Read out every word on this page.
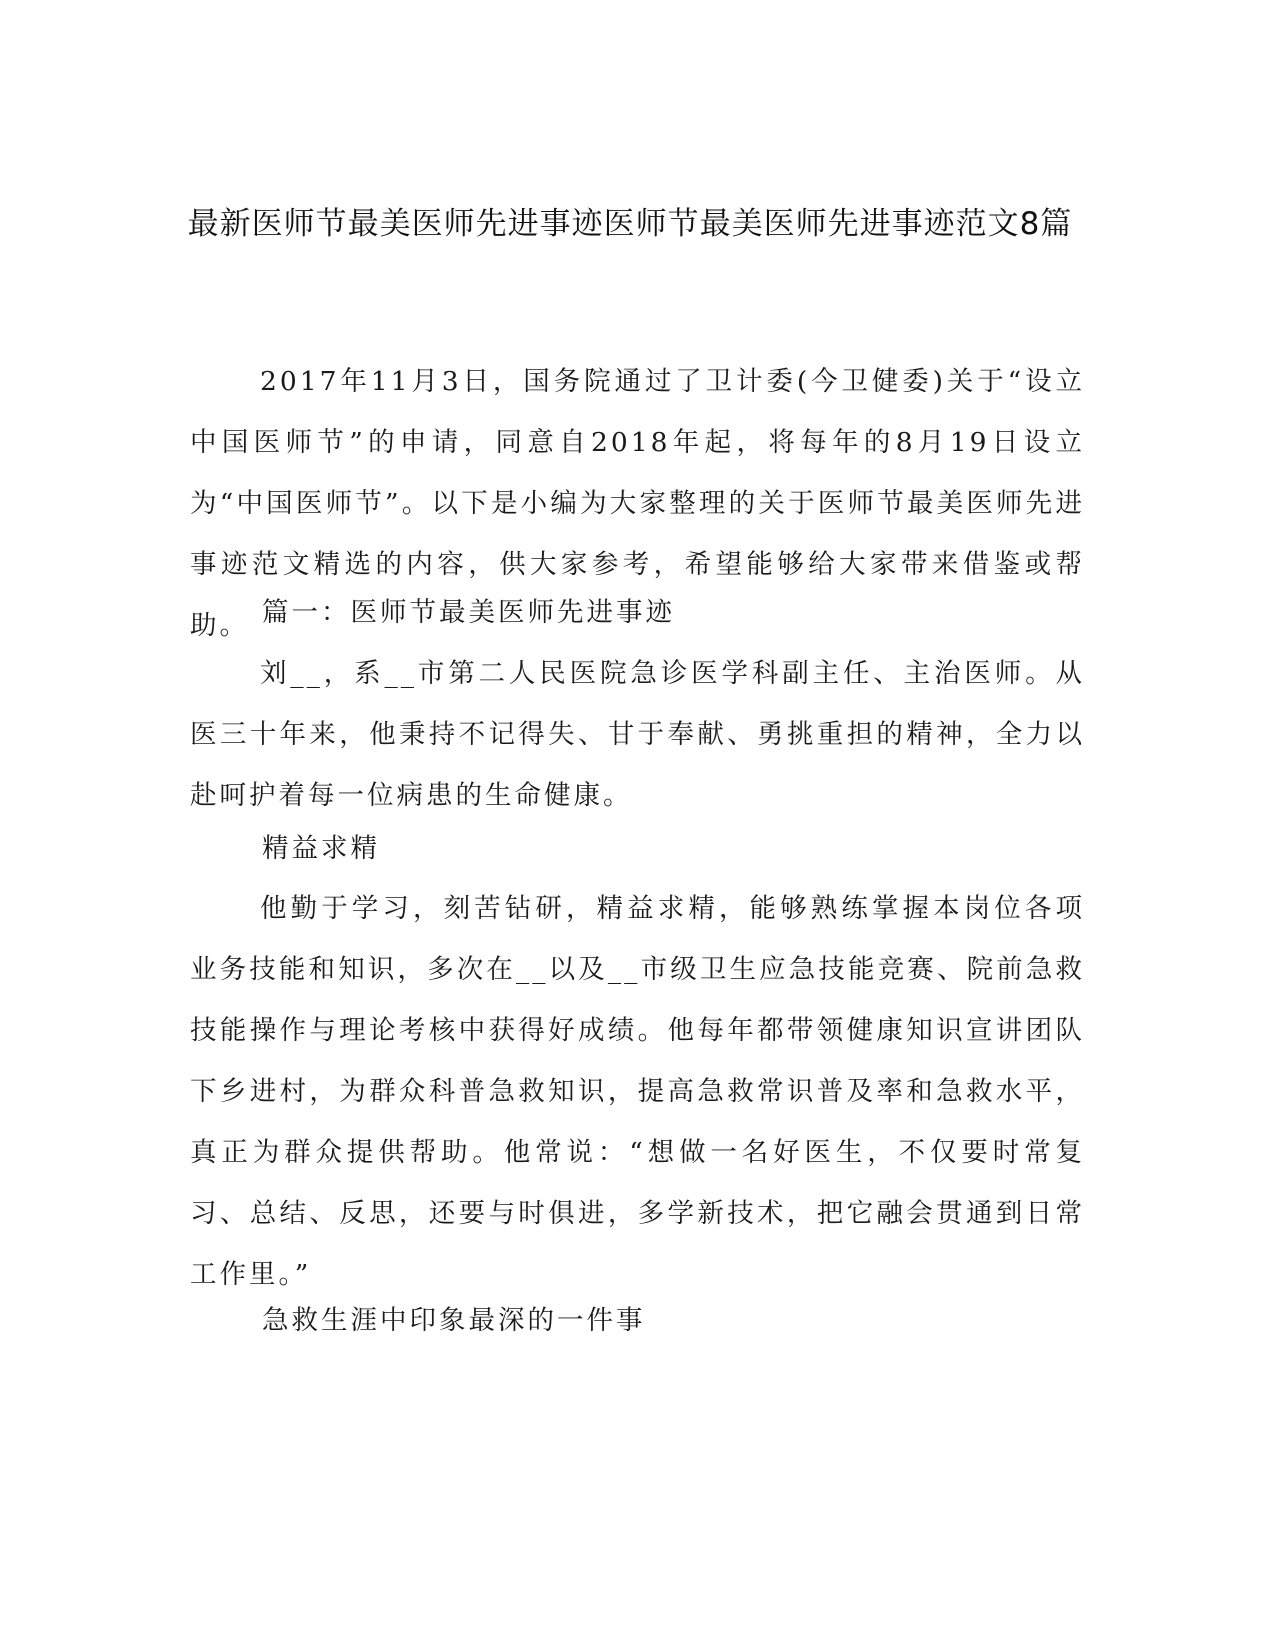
最新医师节最美医师先进事迹医师节最美医师先进事迹范文8篇

2017年11月3日，国务院通过了卫计委(今卫健委)关于“设立中国医师节”的申请，同意自2018年起，将每年的8月19日设立为“中国医师节”。以下是小编为大家整理的关于医师节最美医师先进事迹范文精选的内容，供大家参考，希望能够给大家带来借鉴或帮助。 篇一：医师节最美医师先进事迹

刘__，系__市第二人民医院急诊医学科副主任、主治医师。从医三十年来，他秉持不记得失、甘于奉献、勇挑重担的精神，全力以赴呵护着每一位病患的生命健康。

精益求精

他勤于学习，刻苦钻研，精益求精，能够熟练掌握本岗位各项业务技能和知识，多次在__以及__市级卫生应急技能竞赛、院前急救技能操作与理论考核中获得好成绩。他每年都带领健康知识宣讲团队下乡进村，为群众科普急救知识，提高急救常识普及率和急救水平，真正为群众提供帮助。他常说：“想做一名好医生，不仅要时常复习、总结、反思，还要与时俱进，多学新技术，把它融会贯通到日常工作里。”

急救生涯中印象最深的一件事
